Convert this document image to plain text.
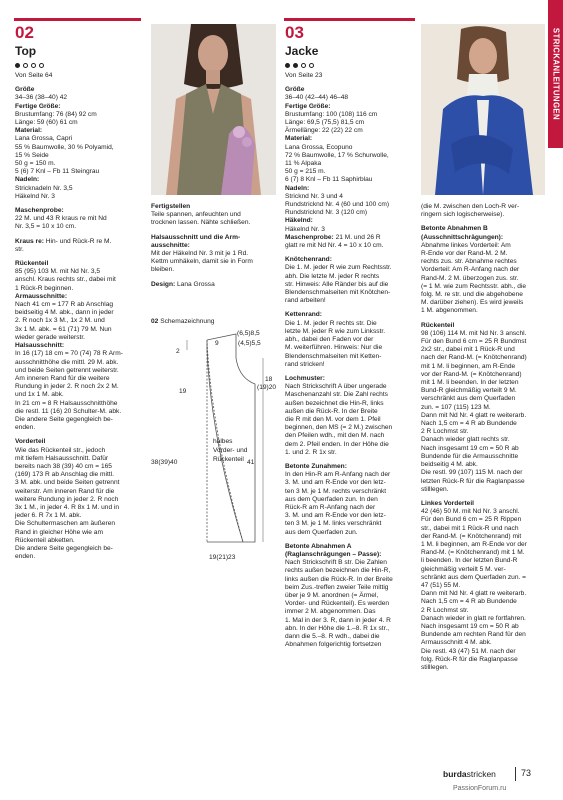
STRICKANLEITUNGEN
02
Top
Von Seite 64

Größe

34–36 (38–40) 42

Fertige Größe:

Brustumfang: 76 (84) 92 cm

Länge: 59 (60) 61 cm

Material:

Lana Grossa, Capri

55 % Baumwolle, 30 % Polyamid,

15 % Seide

50 g = 150 m.

5 (6) 7 Knl – Fb 11 Steingrau

Nadeln:

Stricknadeln Nr. 3,5

Häkelnd Nr. 3

Maschenprobe:

22 M. und 43 R kraus re mit Nd

Nr. 3,5 = 10 x 10 cm.

Kraus re: Hin- und Rück-R re M.

str.

Rückenteil

85 (95) 103 M. mit Nd Nr. 3,5

anschl. Kraus rechts str., dabei mit

1 Rück-R beginnen.

Armausschnitte:

Nach 41 cm = 177 R ab Anschlag

beidseitig 4 M. abk., dann in jeder

2. R noch 1x 3 M., 1x 2 M. und

3x 1 M. abk. = 61 (71) 79 M. Nun

wieder gerade weiterstr.

Halsausschnitt:

In 16 (17) 18 cm = 70 (74) 78 R Arm-

ausschnitthöhe die mittl. 29 M. abk.

und beide Seiten getrennt weiterstr.

Am inneren Rand für die weitere

Rundung in jeder 2. R noch 2x 2 M.

und 1x 1 M. abk.

In 21 cm = 8 R Halsausschnitthöhe

die restl. 11 (16) 20 Schulter-M. abk.

Die andere Seite gegengleich be-

enden.

Vorderteil

Wie das Rückenteil str., jedoch

mit tiefem Halsausschnitt. Dafür

bereits nach 38 (39) 40 cm = 165

(169) 173 R ab Anschlag die mittl.

3 M. abk. und beide Seiten getrennt

weiterstr. Am inneren Rand für die

weitere Rundung in jeder 2. R noch

3x 1 M., in jeder 4. R 8x 1 M. und in

jeder 6. R 7x 1 M. abk.

Die Schultermaschen am äußeren

Rand in gleicher Höhe wie am

Rückenteil abketten.

Die andere Seite gegengleich be-

enden.

Fertigstellen

Teile spannen, anfeuchten und

trocknen lassen. Nähte schließen.

Halsausschnitt und die Arm-

ausschnitte:

Mit der Häkelnd Nr. 3 mit je 1 Rd.

Kettm umhäkeln, damit sie in Form

bleiben.

Design: Lana Grossa

02 Schemazeichnung
(6,5)8,5
9	(4,5)5,5
2
18
(19)20
19
halbes
Vorder- und
Rückenteil
38(39)40	41
19(21)23
03
Jacke
Von Seite 23

Größe

36–40 (42–44) 46–48

Fertige Größe:

Brustumfang: 100 (108) 116 cm

Länge: 69,5 (75,5) 81,5 cm

Ärmellänge: 22 (22) 22 cm

Material:

Lana Grossa, Ecopuno

72 % Baumwolle, 17 % Schurwolle,

11 % Alpaka

50 g = 215 m.

6 (7) 8 Knl – Fb 11 Saphirblau

Nadeln:

Stricknd Nr. 3 und 4

Rundstricknd Nr. 4 (60 und 100 cm)

Rundstricknd Nr. 3 (120 cm)

Häkelnd:

Häkelnd Nr. 3

Maschenprobe: 21 M. und 26 R

glatt re mit Nd Nr. 4 = 10 x 10 cm.

Knötchenrand:

Die 1. M. jeder R wie zum Rechtsstr.

abh. Die letzte M. jeder R rechts

str. Hinweis: Alle Ränder bis auf die

Blendenschmalseiten mit Knötchen-

rand arbeiten!

Kettenrand:

Die 1. M. jeder R rechts str. Die

letzte M. jeder R wie zum Linksstr.

abh., dabei den Faden vor der

M. weiterführen. Hinweis: Nur die

Blendenschmalseiten mit Ketten-

rand stricken!

Lochmuster:

Nach Strickschrift A über ungerade

Maschenanzahl str. Die Zahl rechts

außen bezeichnet die Hin-R, links

außen die Rück-R. In der Breite

die R mit den M. vor dem 1. Pfeil

beginnen, den MS (= 2 M.) zwischen

den Pfeilen wdh., mit den M. nach

dem 2. Pfeil enden. In der Höhe die

1. und 2. R 1x str.

Betonte Zunahmen:

In den Hin-R am R-Anfang nach der

3. M. und am R-Ende vor den letz-

ten 3 M. je 1 M. rechts verschränkt

aus dem Querfaden zun. In den

Rück-R am R-Anfang nach der

3. M. und am R-Ende vor den letz-

ten 3 M. je 1 M. links verschränkt

aus dem Querfaden zun.

Betonte Abnahmen A

(Raglanschrägungen – Passe):

Nach Strickschrift B str. Die Zahlen

rechts außen bezeichnen die Hin-R,

links außen die Rück-R. In der Breite

beim Zus.-treffen zweier Teile mittig

über je 9 M. anordnen (= Ärmel,

Vorder- und Rückenteil). Es werden

immer 2 M. abgenommen. Das

1. Mal in der 3. R, dann in jeder 4. R

abn. In der Höhe die 1.–8. R 1x str.,

dann die 5.–8. R wdh., dabei die

Abnahmen folgerichtig fortsetzen

(die M. zwischen den Loch-R ver-

ringern sich logischerweise).

Betonte Abnahmen B

(Ausschnittschrägungen):

Abnahme linkes Vorderteil: Am

R-Ende vor der Rand-M. 2 M.

rechts zus. str. Abnahme rechtes

Vorderteil: Am R-Anfang nach der

Rand-M. 2 M. überzogen zus. str.

(= 1 M. wie zum Rechtsstr. abh., die

folg. M. re str. und die abgehobene

M. darüber ziehen). Es wird jeweils

1 M. abgenommen.

Rückenteil

98 (106) 114 M. mit Nd Nr. 3 anschl.

Für den Bund 6 cm = 25 R Bundmst

2x2 str., dabei mit 1 Rück-R und

nach der Rand-M. (= Knötchenrand)

mit 1 M. li beginnen, am R-Ende

vor der Rand-M. (= Knötchenrand)

mit 1 M. li beenden. In der letzten

Bund-R gleichmäßig verteilt 9 M.

verschränkt aus dem Querfaden

zun. = 107 (115) 123 M.

Dann mit Nd Nr. 4 glatt re weiterarb.

Nach 1,5 cm = 4 R ab Bundende

2 R Lochmst str.

Danach wieder glatt rechts str.

Nach insgesamt 19 cm = 50 R ab

Bundende für die Armausschnitte

beidseitig 4 M. abk.

Die restl. 99 (107) 115 M. nach der

letzten Rück-R für die Raglanpasse

stilllegen.

Linkes Vorderteil

42 (46) 50 M. mit Nd Nr. 3 anschl.

Für den Bund 6 cm = 25 R Rippen

str., dabei mit 1 Rück-R und nach

der Rand-M. (= Knötchenrand) mit

1 M. li beginnen, am R-Ende vor der

Rand-M. (= Knötchenrand) mit 1 M.

li beenden. In der letzten Bund-R

gleichmäßig verteilt 5 M. ver-

schränkt aus dem Querfaden zun. =

47 (51) 55 M.

Dann mit Nd Nr. 4 glatt re weiterarb.

Nach 1,5 cm = 4 R ab Bundende

2 R Lochmst str.

Danach wieder in glatt re fortfahren.

Nach insgesamt 19 cm = 50 R ab

Bundende am rechten Rand für den

Armausschnitt 4 M. abk.

Die restl. 43 (47) 51 M. nach der

folg. Rück-R für die Raglanpasse

stilllegen.

burdastricken	73
PassionForum.ru
